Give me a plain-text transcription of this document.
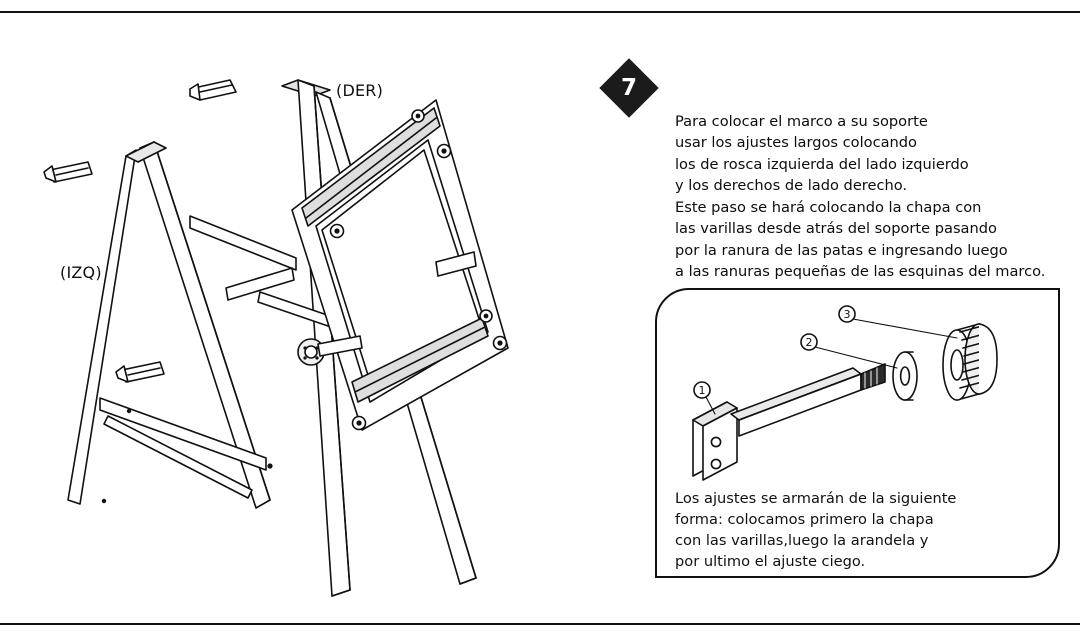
(IZQ)
(DER)	7
Para colocar el marco a su soporte
usar los ajustes largos colocando
los de rosca izquierda del lado izquierdo
y los derechos de lado derecho.
Este paso se hará colocando la chapa con
las varillas desde atrás del soporte pasando
por la ranura de las patas e ingresando luego
a las ranuras pequeñas de las esquinas del marco.
1
2
3
Los ajustes se armarán de la siguiente
forma: colocamos primero la chapa
con las varillas,luego la arandela y
por ultimo el ajuste ciego.
